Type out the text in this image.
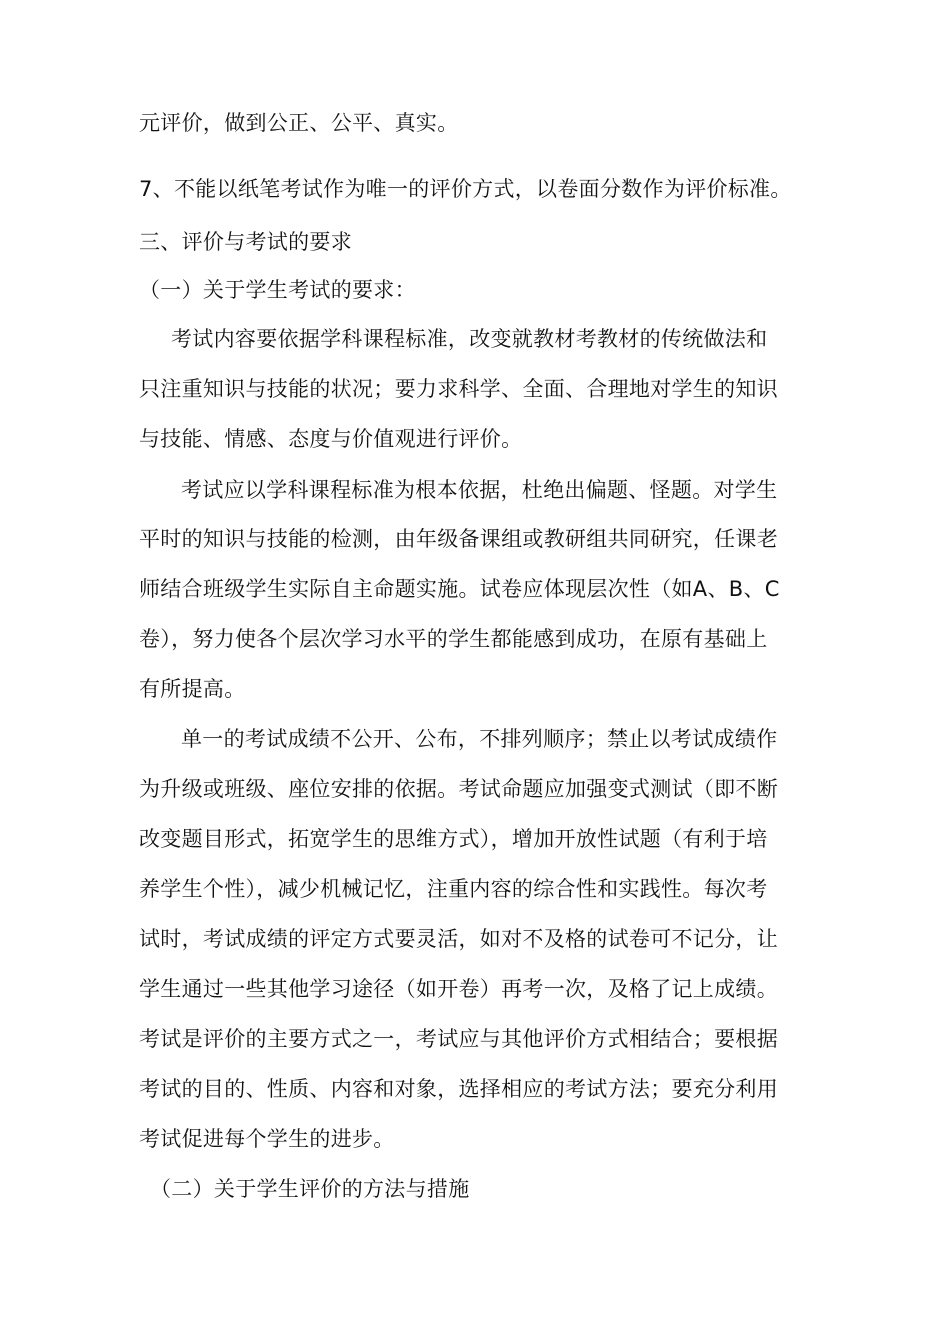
元评价，做到公正、公平、真实。
7、不能以纸笔考试作为唯一的评价方式，以卷面分数作为评价标准。
三、评价与考试的要求
（一）关于学生考试的要求：
考试内容要依据学科课程标准，改变就教材考教材的传统做法和
只注重知识与技能的状况；要力求科学、全面、合理地对学生的知识
与技能、情感、态度与价值观进行评价。
考试应以学科课程标准为根本依据，杜绝出偏题、怪题。对学生
平时的知识与技能的检测，由年级备课组或教研组共同研究，任课老
师结合班级学生实际自主命题实施。试卷应体现层次性（如A、B、C
卷），努力使各个层次学习水平的学生都能感到成功，在原有基础上
有所提高。
单一的考试成绩不公开、公布，不排列顺序；禁止以考试成绩作
为升级或班级、座位安排的依据。考试命题应加强变式测试（即不断
改变题目形式，拓宽学生的思维方式），增加开放性试题（有利于培
养学生个性），减少机械记忆，注重内容的综合性和实践性。每次考
试时，考试成绩的评定方式要灵活，如对不及格的试卷可不记分，让
学生通过一些其他学习途径（如开卷）再考一次，及格了记上成绩。
考试是评价的主要方式之一，考试应与其他评价方式相结合；要根据
考试的目的、性质、内容和对象，选择相应的考试方法；要充分利用
考试促进每个学生的进步。
（二）关于学生评价的方法与措施
